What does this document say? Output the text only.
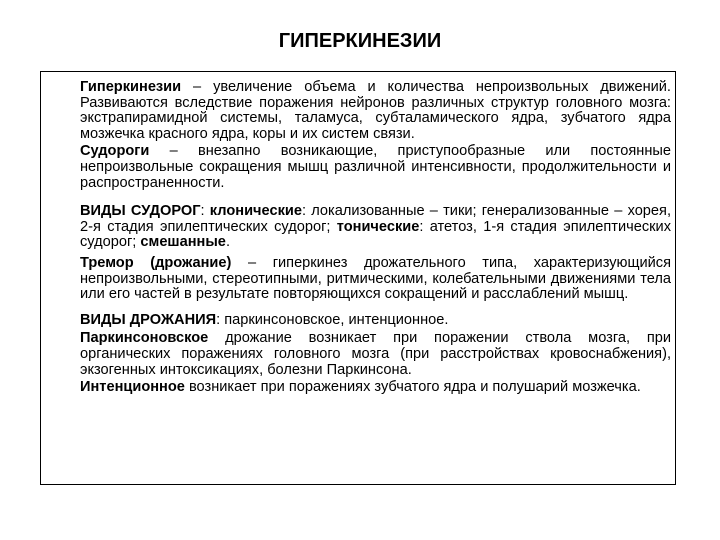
ГИПЕРКИНЕЗИИ

Гиперкинезии – увеличение объема и количества непроизвольных движений. Развиваются вследствие поражения нейронов различных структур головного мозга: экстрапирамидной системы, таламуса, субталамического ядра, зубчатого ядра мозжечка красного ядра, коры и их систем связи.

Судороги – внезапно возникающие, приступообразные или постоянные непроизвольные сокращения мышц различной интенсивности, продолжительности и распространенности.

ВИДЫ СУДОРОГ: клонические: локализованные – тики; генерализованные – хорея, 2-я стадия эпилептических судорог; тонические: атетоз, 1-я стадия эпилептических судорог; смешанные.

Тремор (дрожание) – гиперкинез дрожательного типа, характеризующийся непроизвольными, стереотипными, ритмическими, колебательными движениями тела или его частей в результате повторяющихся сокращений и расслаблений мышц.

ВИДЫ ДРОЖАНИЯ: паркинсоновское, интенционное.

Паркинсоновское дрожание возникает при поражении ствола мозга, при органических поражениях головного мозга (при расстройствах кровоснабжения), экзогенных интоксикациях, болезни Паркинсона.

Интенционное возникает при поражениях зубчатого ядра и полушарий мозжечка.
